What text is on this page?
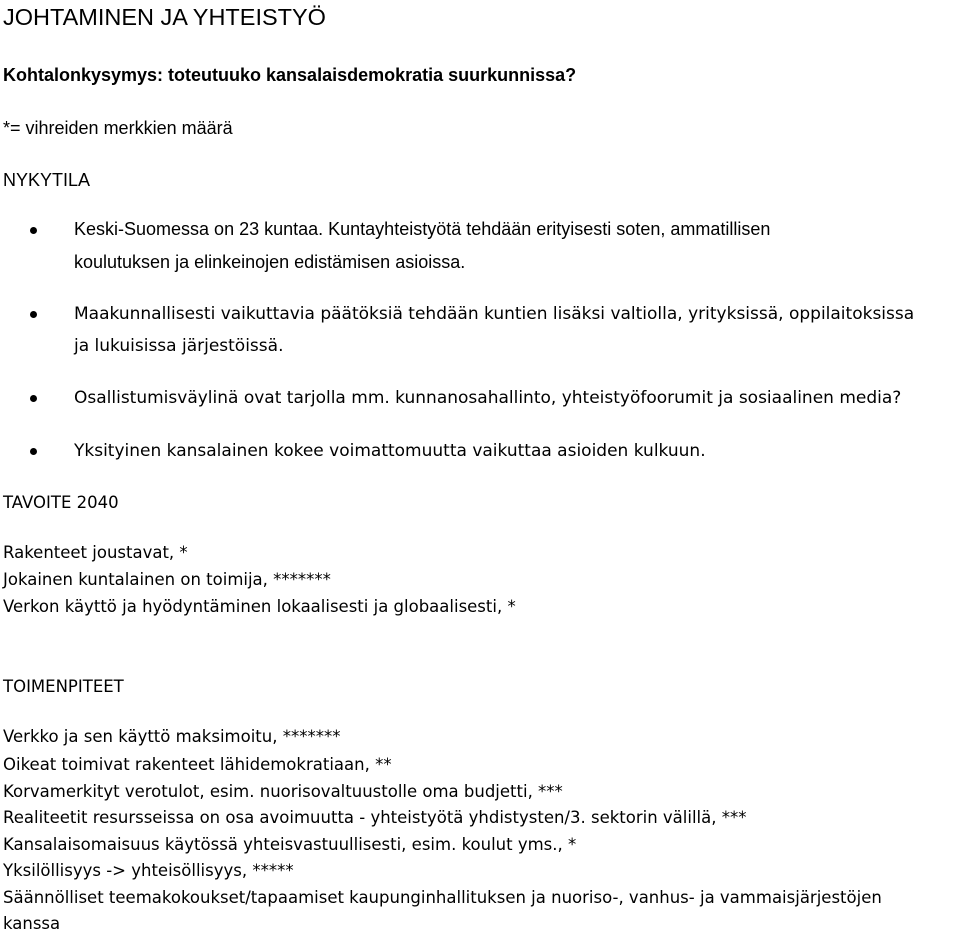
JOHTAMINEN JA YHTEISTYÖ
Kohtalonkysymys: toteutuuko kansalaisdemokratia suurkunnissa?
*= vihreiden merkkien määrä
NYKYTILA
Keski-Suomessa on 23 kuntaa. Kuntayhteistyötä tehdään erityisesti soten, ammatillisen
koulutuksen ja elinkeinojen edistämisen asioissa.
Maakunnallisesti vaikuttavia päätöksiä tehdään kuntien lisäksi valtiolla, yrityksissä, oppilaitoksissa
ja lukuisissa järjestöissä.
Osallistumisväylinä ovat tarjolla mm. kunnanosahallinto, yhteistyöfoorumit ja sosiaalinen media?
Yksityinen kansalainen kokee voimattomuutta vaikuttaa asioiden kulkuun.
TAVOITE 2040
Rakenteet joustavat, *
Jokainen kuntalainen on toimija, *******
Verkon käyttö ja hyödyntäminen lokaalisesti ja globaalisesti, *
TOIMENPITEET
Verkko ja sen käyttö maksimoitu, *******
Oikeat toimivat rakenteet lähidemokratiaan, **
Korvamerkityt verotulot, esim. nuorisovaltuustolle oma budjetti, ***
Realiteetit resursseissa on osa avoimuutta - yhteistyötä yhdistysten/3. sektorin välillä, ***
Kansalaisomaisuus käytössä yhteisvastuullisesti, esim. koulut yms., *
Yksilöllisyys -> yhteisöllisyys, *****
Säännölliset teemakokoukset/tapaamiset kaupunginhallituksen ja nuoriso-, vanhus- ja vammaisjärjestöjen
kanssa
